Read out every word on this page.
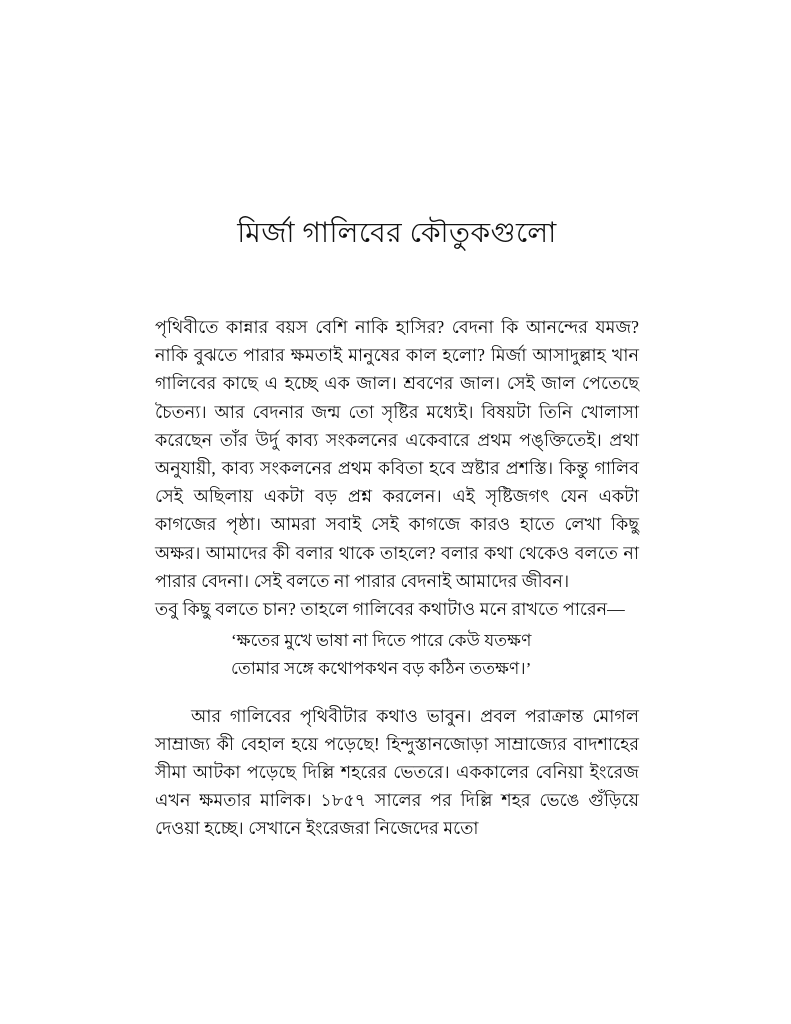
মির্জা গালিবের কৌতুকগুলো

পৃথিবীতে কান্নার বয়স বেশি নাকি হাসির? বেদনা কি আনন্দের যমজ? নাকি বুঝতে পারার ক্ষমতাই মানুষের কাল হলো? মির্জা আসাদুল্লাহ খান গালিবের কাছে এ হচ্ছে এক জাল। শ্রবণের জাল। সেই জাল পেতেছে চৈতন্য। আর বেদনার জন্ম তো সৃষ্টির মধ্যেই। বিষয়টা তিনি খোলাসা করেছেন তাঁর উর্দু কাব্য সংকলনের একেবারে প্রথম পঙ্‌ক্তিতেই। প্রথা অনুযায়ী, কাব্য সংকলনের প্রথম কবিতা হবে স্রষ্টার প্রশস্তি। কিন্তু গালিব সেই অছিলায় একটা বড় প্রশ্ন করলেন। এই সৃষ্টিজগৎ যেন একটা কাগজের পৃষ্ঠা। আমরা সবাই সেই কাগজে কারও হাতে লেখা কিছু অক্ষর। আমাদের কী বলার থাকে তাহলে? বলার কথা থেকেও বলতে না পারার বেদনা। সেই বলতে না পারার বেদনাই আমাদের জীবন।

তবু কিছু বলতে চান? তাহলে গালিবের কথাটাও মনে রাখতে পারেন—

‘ক্ষতের মুখে ভাষা না দিতে পারে কেউ যতক্ষণ
তোমার সঙ্গে কথোপকথন বড় কঠিন ততক্ষণ।’

আর গালিবের পৃথিবীটার কথাও ভাবুন। প্রবল পরাক্রান্ত মোগল সাম্রাজ্য কী বেহাল হয়ে পড়েছে! হিন্দুস্তানজোড়া সাম্রাজ্যের বাদশাহের সীমা আটকা পড়েছে দিল্লি শহরের ভেতরে। এককালের বেনিয়া ইংরেজ এখন ক্ষমতার মালিক। ১৮৫৭ সালের পর দিল্লি শহর ভেঙে গুঁড়িয়ে দেওয়া হচ্ছে। সেখানে ইংরেজরা নিজেদের মতো
